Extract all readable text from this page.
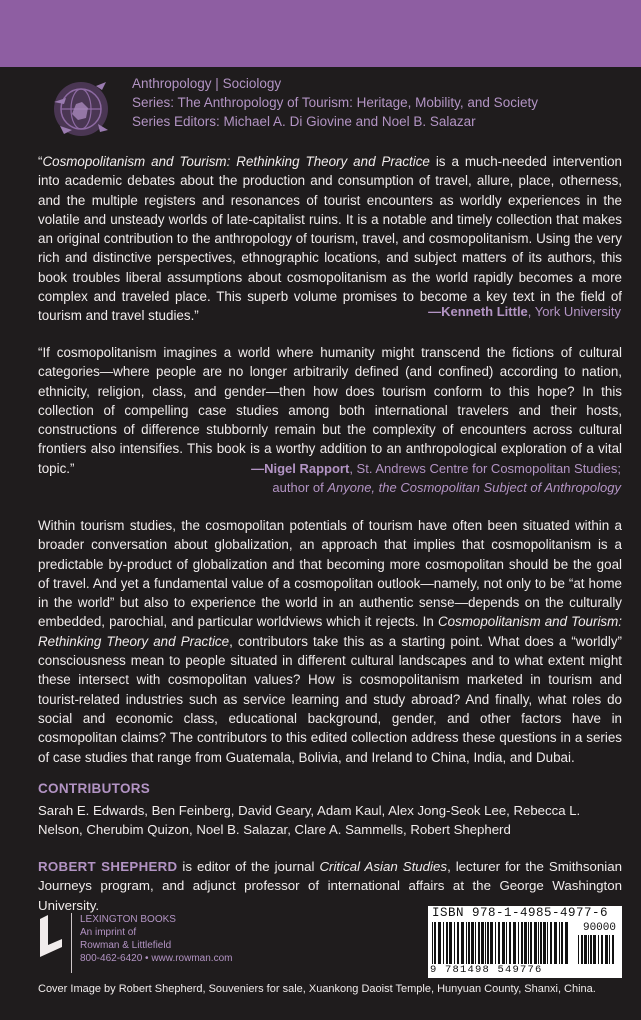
Anthropology | Sociology
Series: The Anthropology of Tourism: Heritage, Mobility, and Society
Series Editors: Michael A. Di Giovine and Noel B. Salazar
“Cosmopolitanism and Tourism: Rethinking Theory and Practice is a much-needed intervention into academic debates about the production and consumption of travel, allure, place, otherness, and the multiple registers and resonances of tourist encounters as worldly experiences in the volatile and unsteady worlds of late-capitalist ruins. It is a notable and timely collection that makes an original contribution to the anthropology of tourism, travel, and cosmopolitanism. Using the very rich and distinctive perspectives, ethnographic locations, and subject matters of its authors, this book troubles liberal assumptions about cosmopolitanism as the world rapidly becomes a more complex and traveled place. This superb volume promises to become a key text in the field of tourism and travel studies.”	—Kenneth Little, York University
“If cosmopolitanism imagines a world where humanity might transcend the fictions of cultural categories—where people are no longer arbitrarily defined (and confined) according to nation, ethnicity, religion, class, and gender—then how does tourism conform to this hope? In this collection of compelling case studies among both international travelers and their hosts, constructions of difference stubbornly remain but the complexity of encounters across cultural frontiers also intensifies. This book is a worthy addition to an anthropological exploration of a vital topic.”	—Nigel Rapport, St. Andrews Centre for Cosmopolitan Studies;
author of Anyone, the Cosmopolitan Subject of Anthropology
Within tourism studies, the cosmopolitan potentials of tourism have often been situated within a broader conversation about globalization, an approach that implies that cosmopolitanism is a predictable by-product of globalization and that becoming more cosmopolitan should be the goal of travel. And yet a fundamental value of a cosmopolitan outlook—namely, not only to be “at home in the world” but also to experience the world in an authentic sense—depends on the culturally embedded, parochial, and particular worldviews which it rejects. In Cosmopolitanism and Tourism: Rethinking Theory and Practice, contributors take this as a starting point. What does a “worldly” consciousness mean to people situated in different cultural landscapes and to what extent might these intersect with cosmopolitan values? How is cosmopolitanism marketed in tourism and tourist-related industries such as service learning and study abroad? And finally, what roles do social and economic class, educational background, gender, and other factors have in cosmopolitan claims? The contributors to this edited collection address these questions in a series of case studies that range from Guatemala, Bolivia, and Ireland to China, India, and Dubai.
CONTRIBUTORS
Sarah E. Edwards, Ben Feinberg, David Geary, Adam Kaul, Alex Jong-Seok Lee, Rebecca L. Nelson, Cherubim Quizon, Noel B. Salazar, Clare A. Sammells, Robert Shepherd
ROBERT SHEPHERD is editor of the journal Critical Asian Studies, lecturer for the Smithsonian Journeys program, and adjunct professor of international affairs at the George Washington University.
LEXINGTON BOOKS
An imprint of
Rowman & Littlefield
800-462-6420 • www.rowman.com
ISBN 978-1-4985-4977-6
90000
9 781498 549776
Cover Image by Robert Shepherd, Souveniers for sale, Xuankong Daoist Temple, Hunyuan County, Shanxi, China.
